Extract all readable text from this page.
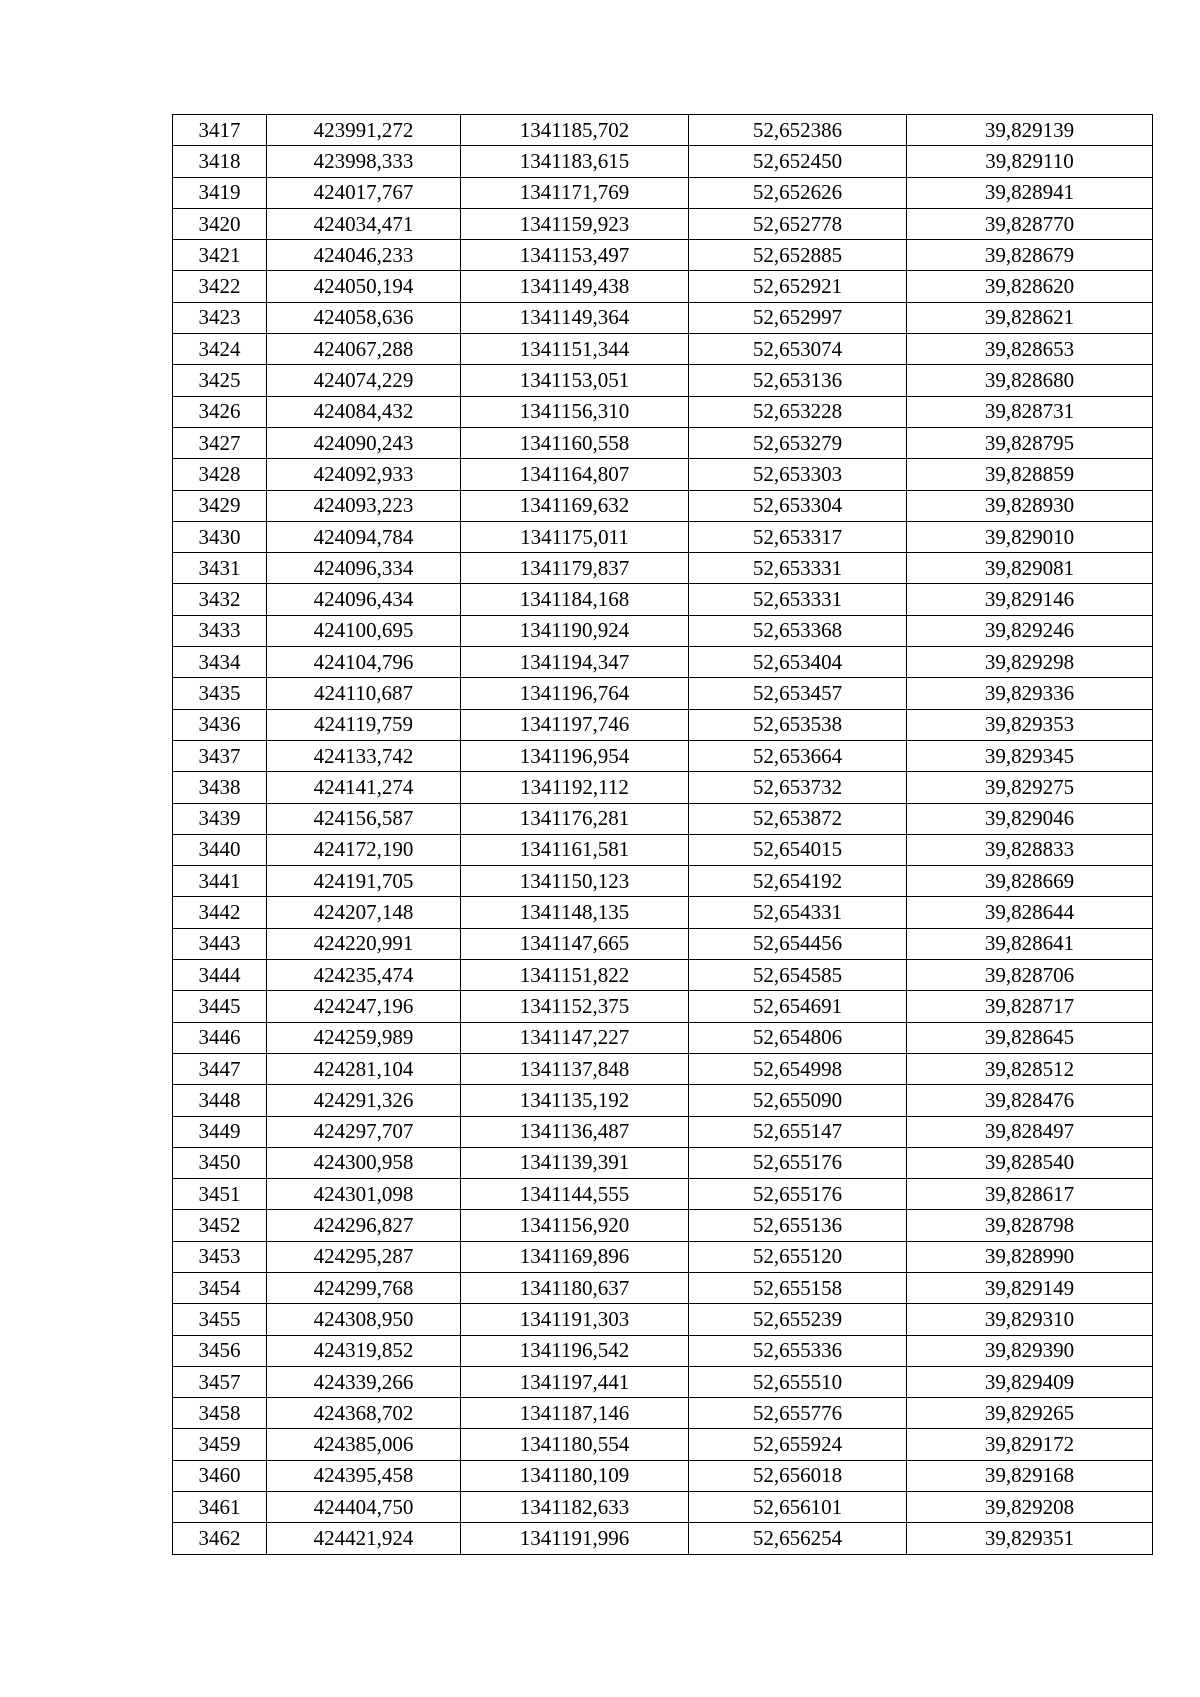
3417	423991,272	1341185,702	52,652386	39,829139
3418	423998,333	1341183,615	52,652450	39,829110
3419	424017,767	1341171,769	52,652626	39,828941
3420	424034,471	1341159,923	52,652778	39,828770
3421	424046,233	1341153,497	52,652885	39,828679
3422	424050,194	1341149,438	52,652921	39,828620
3423	424058,636	1341149,364	52,652997	39,828621
3424	424067,288	1341151,344	52,653074	39,828653
3425	424074,229	1341153,051	52,653136	39,828680
3426	424084,432	1341156,310	52,653228	39,828731
3427	424090,243	1341160,558	52,653279	39,828795
3428	424092,933	1341164,807	52,653303	39,828859
3429	424093,223	1341169,632	52,653304	39,828930
3430	424094,784	1341175,011	52,653317	39,829010
3431	424096,334	1341179,837	52,653331	39,829081
3432	424096,434	1341184,168	52,653331	39,829146
3433	424100,695	1341190,924	52,653368	39,829246
3434	424104,796	1341194,347	52,653404	39,829298
3435	424110,687	1341196,764	52,653457	39,829336
3436	424119,759	1341197,746	52,653538	39,829353
3437	424133,742	1341196,954	52,653664	39,829345
3438	424141,274	1341192,112	52,653732	39,829275
3439	424156,587	1341176,281	52,653872	39,829046
3440	424172,190	1341161,581	52,654015	39,828833
3441	424191,705	1341150,123	52,654192	39,828669
3442	424207,148	1341148,135	52,654331	39,828644
3443	424220,991	1341147,665	52,654456	39,828641
3444	424235,474	1341151,822	52,654585	39,828706
3445	424247,196	1341152,375	52,654691	39,828717
3446	424259,989	1341147,227	52,654806	39,828645
3447	424281,104	1341137,848	52,654998	39,828512
3448	424291,326	1341135,192	52,655090	39,828476
3449	424297,707	1341136,487	52,655147	39,828497
3450	424300,958	1341139,391	52,655176	39,828540
3451	424301,098	1341144,555	52,655176	39,828617
3452	424296,827	1341156,920	52,655136	39,828798
3453	424295,287	1341169,896	52,655120	39,828990
3454	424299,768	1341180,637	52,655158	39,829149
3455	424308,950	1341191,303	52,655239	39,829310
3456	424319,852	1341196,542	52,655336	39,829390
3457	424339,266	1341197,441	52,655510	39,829409
3458	424368,702	1341187,146	52,655776	39,829265
3459	424385,006	1341180,554	52,655924	39,829172
3460	424395,458	1341180,109	52,656018	39,829168
3461	424404,750	1341182,633	52,656101	39,829208
3462	424421,924	1341191,996	52,656254	39,829351
